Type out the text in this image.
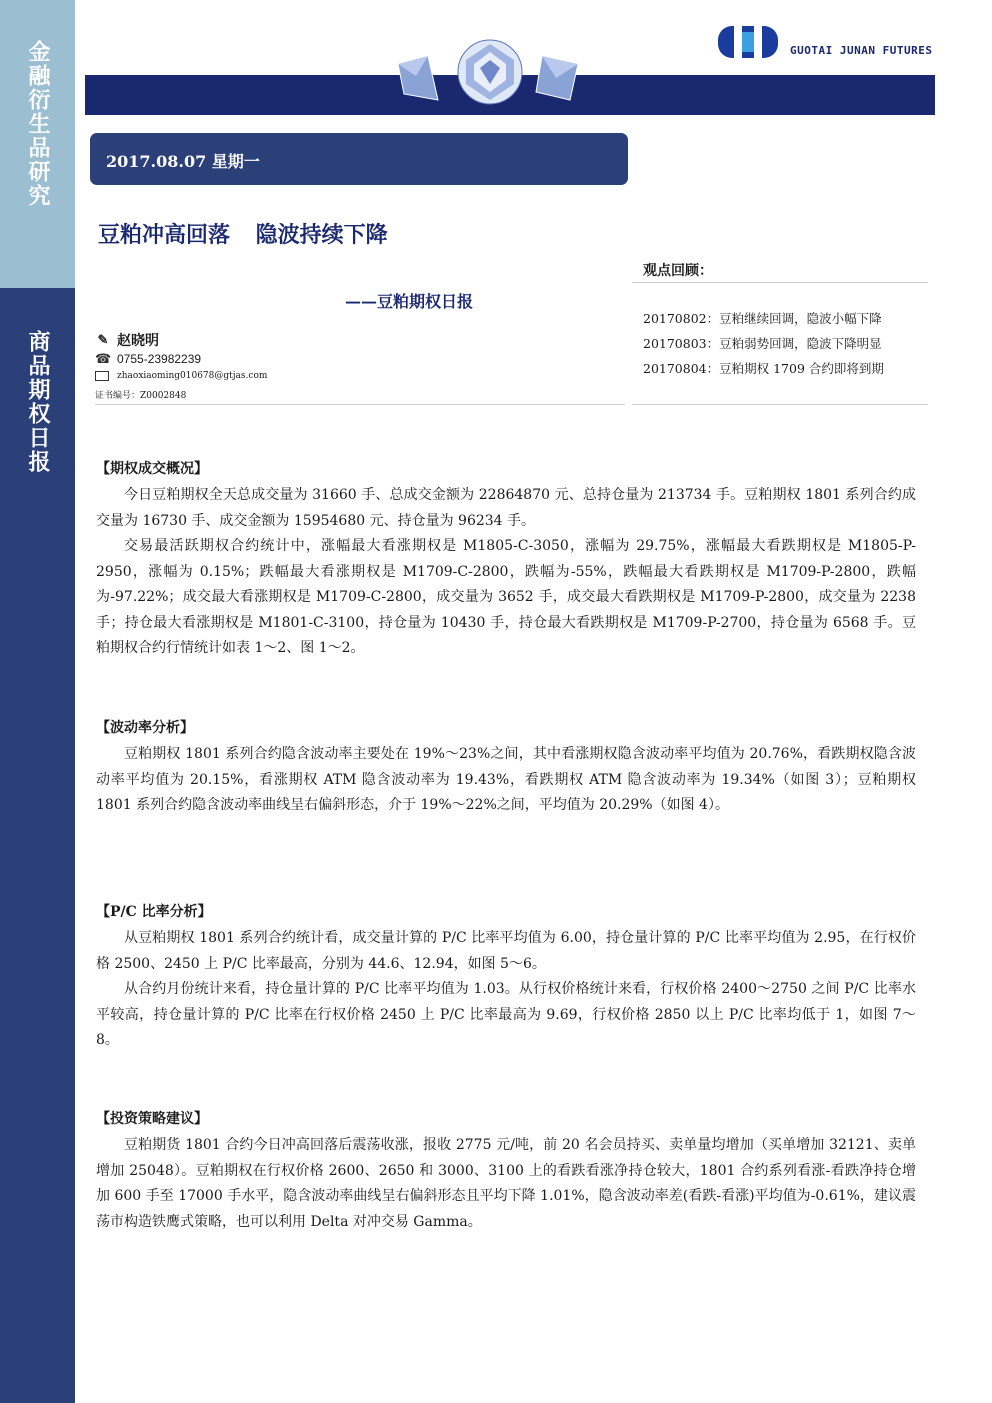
金融衍生品研究
商品期权日报
GUOTAI JUNAN FUTURES
2017.08.07 星期一
豆粕冲高回落 隐波持续下降
——豆粕期权日报
✎ 赵晓明
☎ 0755-23982239
zhaoxiaoming010678@gtjas.com
证书编号：Z0002848
观点回顾：
20170802：豆粕继续回调，隐波小幅下降
20170803：豆粕弱势回调，隐波下降明显
20170804：豆粕期权 1709 合约即将到期
【期权成交概况】

今日豆粕期权全天总成交量为 31660 手、总成交金额为 22864870 元、总持仓量为 213734 手。豆粕期权 1801 系列合约成交量为 16730 手、成交金额为 15954680 元、持仓量为 96234 手。

交易最活跃期权合约统计中，涨幅最大看涨期权是 M1805-C-3050，涨幅为 29.75%，涨幅最大看跌期权是 M1805-P-2950，涨幅为 0.15%；跌幅最大看涨期权是 M1709-C-2800，跌幅为-55%，跌幅最大看跌期权是 M1709-P-2800，跌幅为-97.22%；成交最大看涨期权是 M1709-C-2800，成交量为 3652 手，成交最大看跌期权是 M1709-P-2800，成交量为 2238 手；持仓最大看涨期权是 M1801-C-3100，持仓量为 10430 手，持仓最大看跌期权是 M1709-P-2700，持仓量为 6568 手。豆粕期权合约行情统计如表 1～2、图 1～2。

【波动率分析】

豆粕期权 1801 系列合约隐含波动率主要处在 19%～23%之间，其中看涨期权隐含波动率平均值为 20.76%，看跌期权隐含波动率平均值为 20.15%，看涨期权 ATM 隐含波动率为 19.43%，看跌期权 ATM 隐含波动率为 19.34%（如图 3）；豆粕期权 1801 系列合约隐含波动率曲线呈右偏斜形态，介于 19%～22%之间，平均值为 20.29%（如图 4）。

【P/C 比率分析】

从豆粕期权 1801 系列合约统计看，成交量计算的 P/C 比率平均值为 6.00，持仓量计算的 P/C 比率平均值为 2.95，在行权价格 2500、2450 上 P/C 比率最高，分别为 44.6、12.94，如图 5～6。

从合约月份统计来看，持仓量计算的 P/C 比率平均值为 1.03。从行权价格统计来看，行权价格 2400～2750 之间 P/C 比率水平较高，持仓量计算的 P/C 比率在行权价格 2450 上 P/C 比率最高为 9.69，行权价格 2850 以上 P/C 比率均低于 1，如图 7～8。

【投资策略建议】

豆粕期货 1801 合约今日冲高回落后震荡收涨，报收 2775 元/吨，前 20 名会员持买、卖单量均增加（买单增加 32121、卖单增加 25048）。豆粕期权在行权价格 2600、2650 和 3000、3100 上的看跌看涨净持仓较大，1801 合约系列看涨-看跌净持仓增加 600 手至 17000 手水平，隐含波动率曲线呈右偏斜形态且平均下降 1.01%，隐含波动率差(看跌-看涨)平均值为-0.61%，建议震荡市构造铁鹰式策略，也可以利用 Delta 对冲交易 Gamma。
